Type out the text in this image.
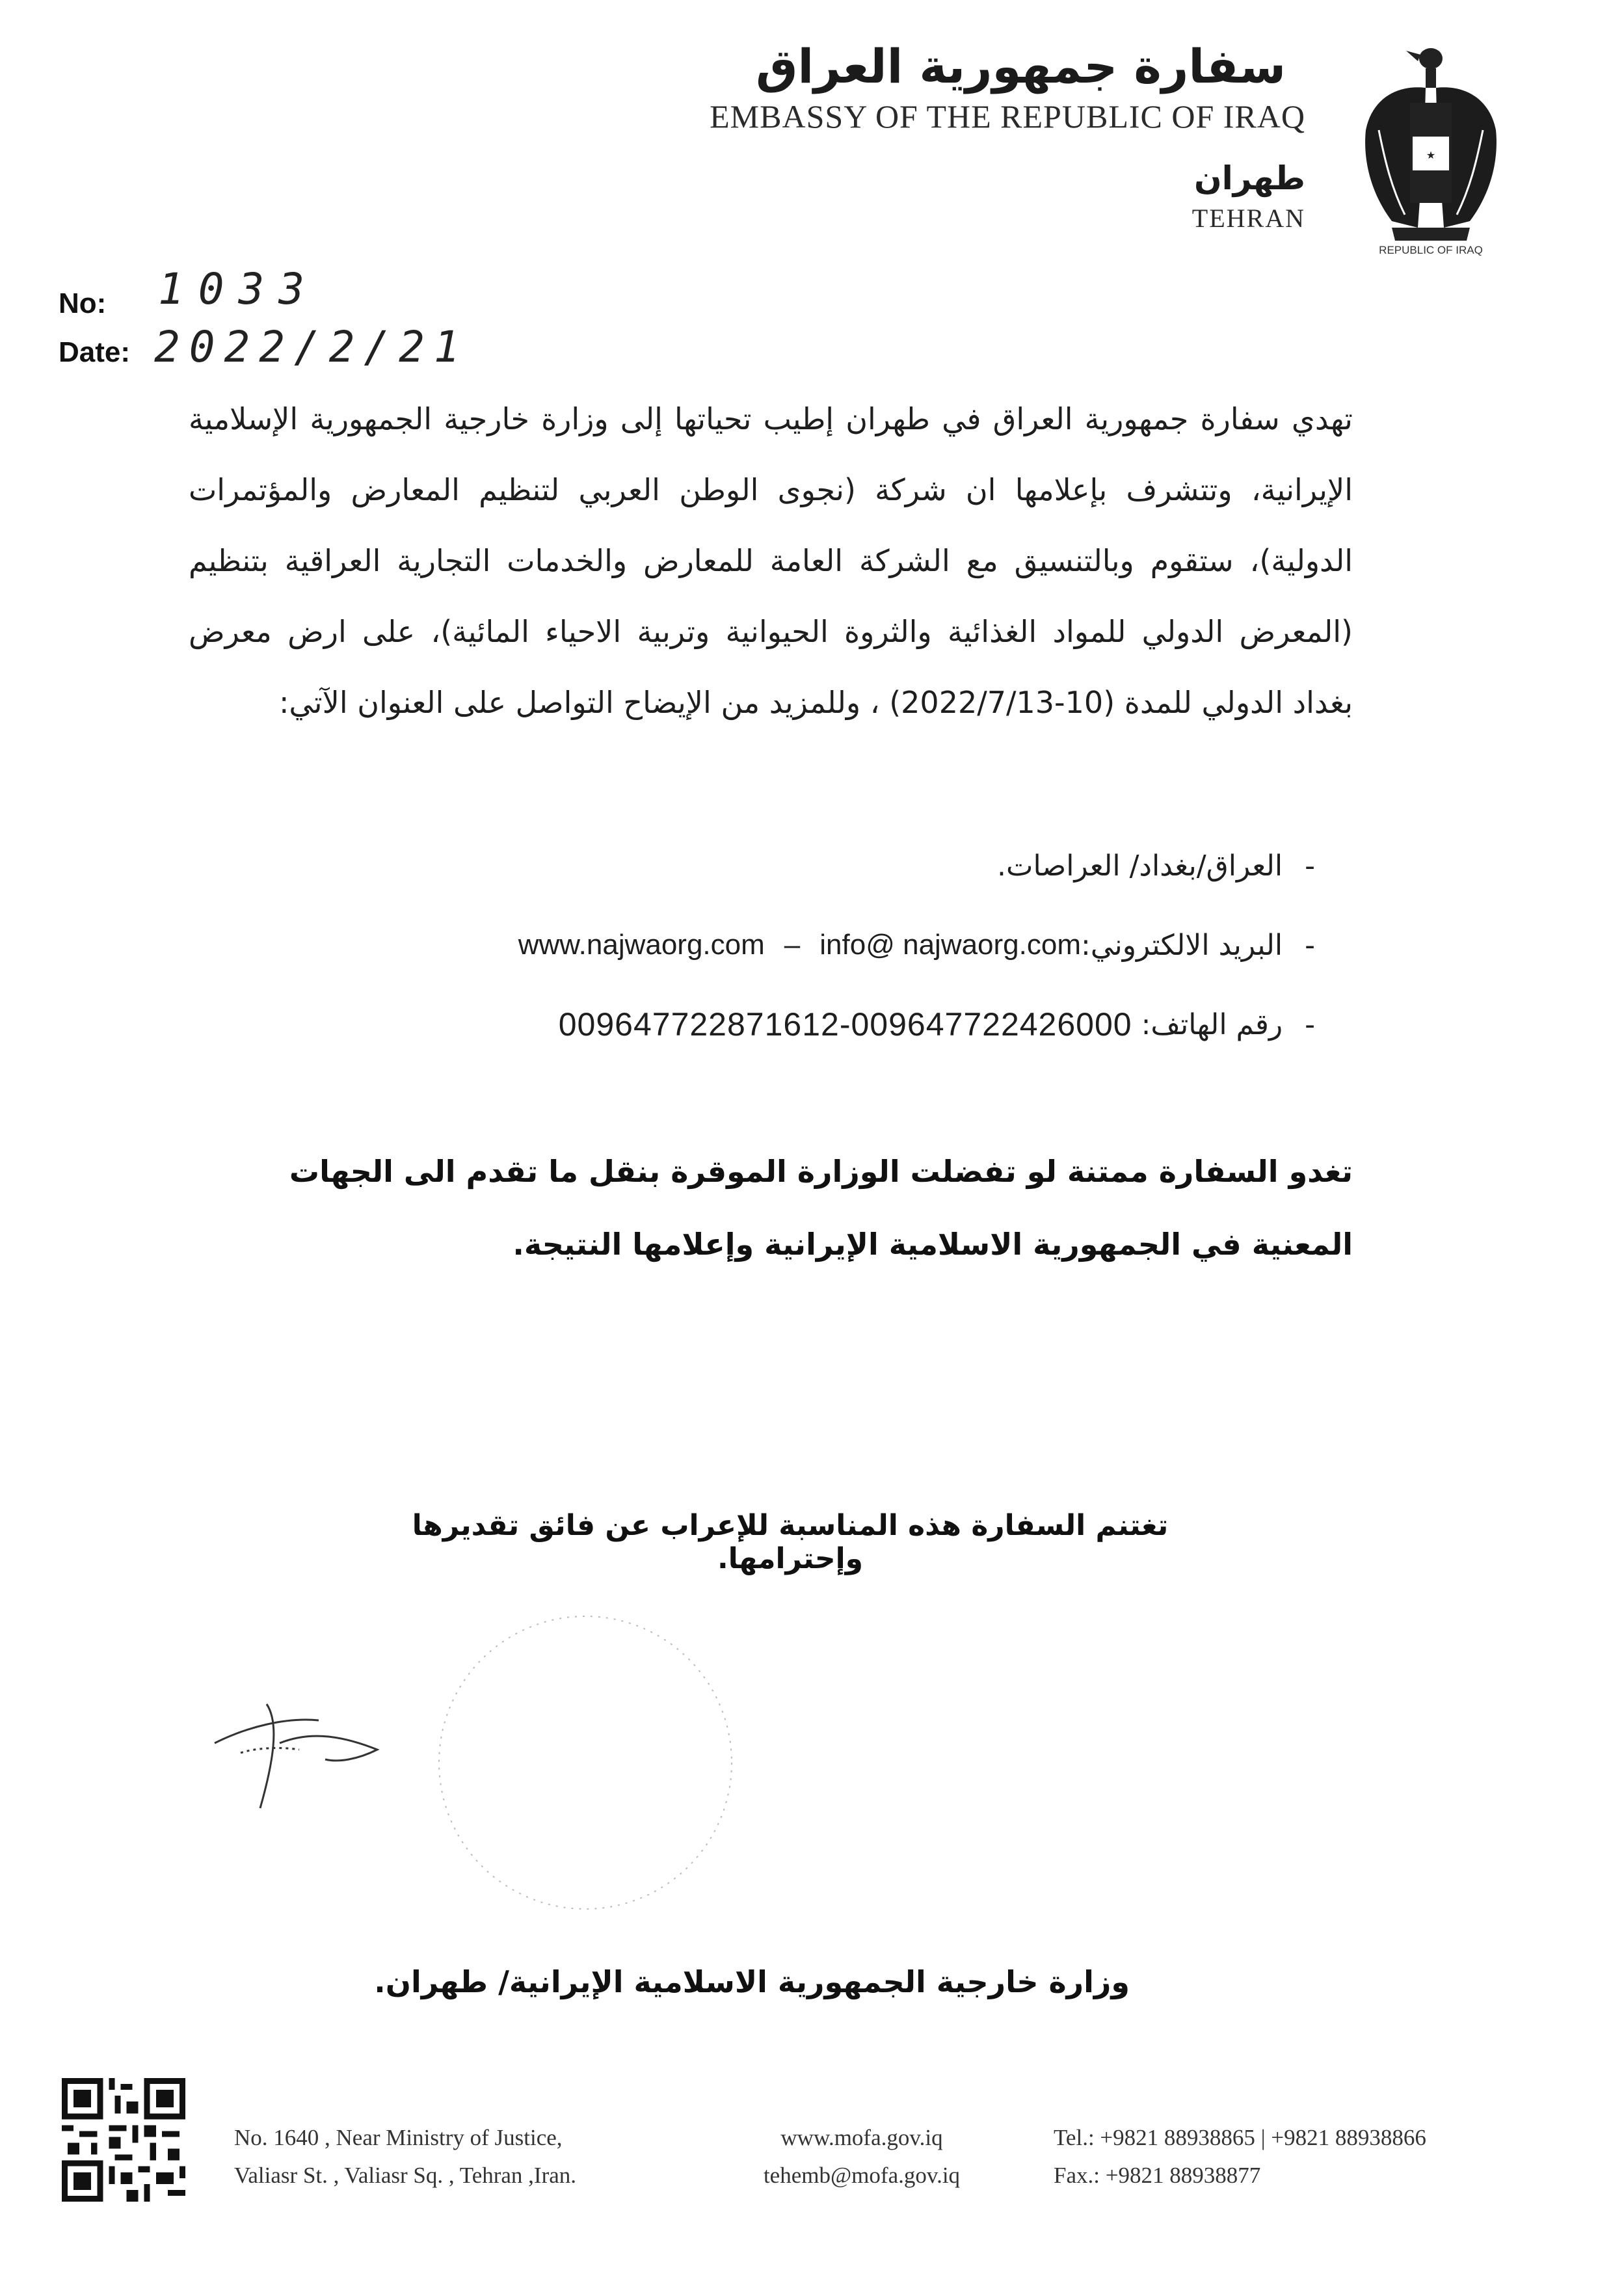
سفارة جمهورية العراق
EMBASSY OF THE REPUBLIC OF IRAQ
طهران
TEHRAN
★
REPUBLIC OF IRAQ
No:	1033
Date: 2022/2/21
تهدي سفارة جمهورية العراق في طهران إطيب تحياتها إلى وزارة خارجية الجمهورية الإسلامية الإيرانية، وتتشرف بإعلامها ان شركة (نجوى الوطن العربي لتنظيم المعارض والمؤتمرات الدولية)، ستقوم وبالتنسيق مع الشركة العامة للمعارض والخدمات التجارية العراقية بتنظيم (المعرض الدولي للمواد الغذائية والثروة الحيوانية وتربية الاحياء المائية)، على ارض معرض بغداد الدولي للمدة (10-2022/7/13) ، وللمزيد من الإيضاح التواصل على العنوان الآتي:
-
العراق/بغداد/ العراصات.
-
البريد الالكتروني:
info@ najwaorg.com
–
www.najwaorg.com
-
رقم الهاتف:
009647722871612-009647722426000
تغدو السفارة ممتنة لو تفضلت الوزارة الموقرة بنقل ما تقدم الى الجهات المعنية في الجمهورية الاسلامية الإيرانية وإعلامها النتيجة.
تغتنم السفارة هذه المناسبة للإعراب عن فائق تقديرها وإحترامها.
وزارة خارجية الجمهورية الاسلامية الإيرانية/ طهران.
No. 1640 , Near Ministry of Justice,
Valiasr St. , Valiasr Sq. , Tehran ,Iran.
www.mofa.gov.iq
tehemb@mofa.gov.iq
Tel.: +9821 88938865 | +9821 88938866
Fax.: +9821 88938877
